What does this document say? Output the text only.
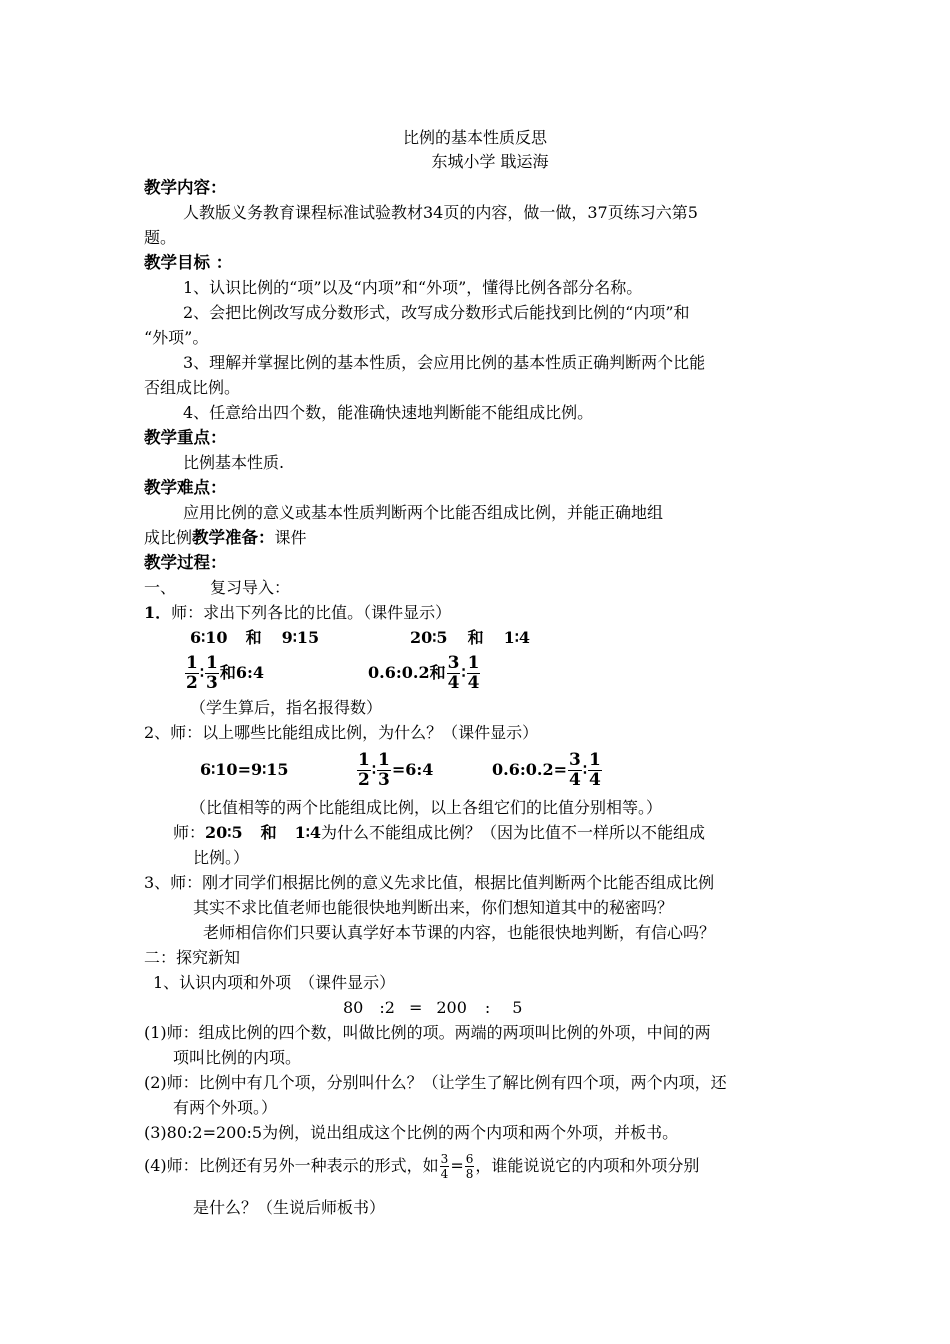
比例的基本性质反思
东城小学 戢运海
教学内容：
人教版义务教育课程标准试验教材34页的内容，做一做，37页练习六第5
题。
教学目标 ：
1、认识比例的“项”以及“内项”和“外项”，懂得比例各部分名称。
2、会把比例改写成分数形式，改写成分数形式后能找到比例的“内项”和
“外项”。
3、理解并掌握比例的基本性质，会应用比例的基本性质正确判断两个比能
否组成比例。
4、任意给出四个数，能准确快速地判断能不能组成比例。
教学重点：
比例基本性质.
教学难点：
应用比例的意义或基本性质判断两个比能否组成比例，并能正确地组
成比例教学准备：课件
教学过程：
一、 复习导入：
1．师：求出下列各比的比值。（课件显示）
6∶10 和 9∶15	20∶5 和 1∶4
$\frac{1}{2}$ ∶ $\frac{1}{3}$ 和6:4	0.6:0.2和 $\frac{3}{4}$ ∶ $\frac{1}{4}$
（学生算后，指名报得数）
2、师：以上哪些比能组成比例，为什么？（课件显示）
6∶10=9∶15	$\frac{1}{2}$ ∶ $\frac{1}{3}$ =6:4	0.6:0.2= $\frac{3}{4}$ ∶ $\frac{1}{4}$
（比值相等的两个比能组成比例，以上各组它们的比值分别相等。）
师：20∶5 和 1∶4为什么不能组成比例？（因为比值不一样所以不能组成
比例。）
3、师：刚才同学们根据比例的意义先求比值，根据比值判断两个比能否组成比例
其实不求比值老师也能很快地判断出来，你们想知道其中的秘密吗？
老师相信你们只要认真学好本节课的内容，也能很快地判断，有信心吗？
二：探究新知
1、认识内项和外项　（课件显示）
80 :2 = 200 : 5
(1)师：组成比例的四个数，叫做比例的项。两端的两项叫比例的外项，中间的两
项叫比例的内项。
(2)师：比例中有几个项，分别叫什么？（让学生了解比例有四个项，两个内项，还
有两个外项。）
(3)80:2=200:5为例，说出组成这个比例的两个内项和两个外项，并板书。
(4)师：比例还有另外一种表示的形式，如 $\frac{3}{4} = \frac{6}{8}$ ，谁能说说它的内项和外项分别
是什么？（生说后师板书）
